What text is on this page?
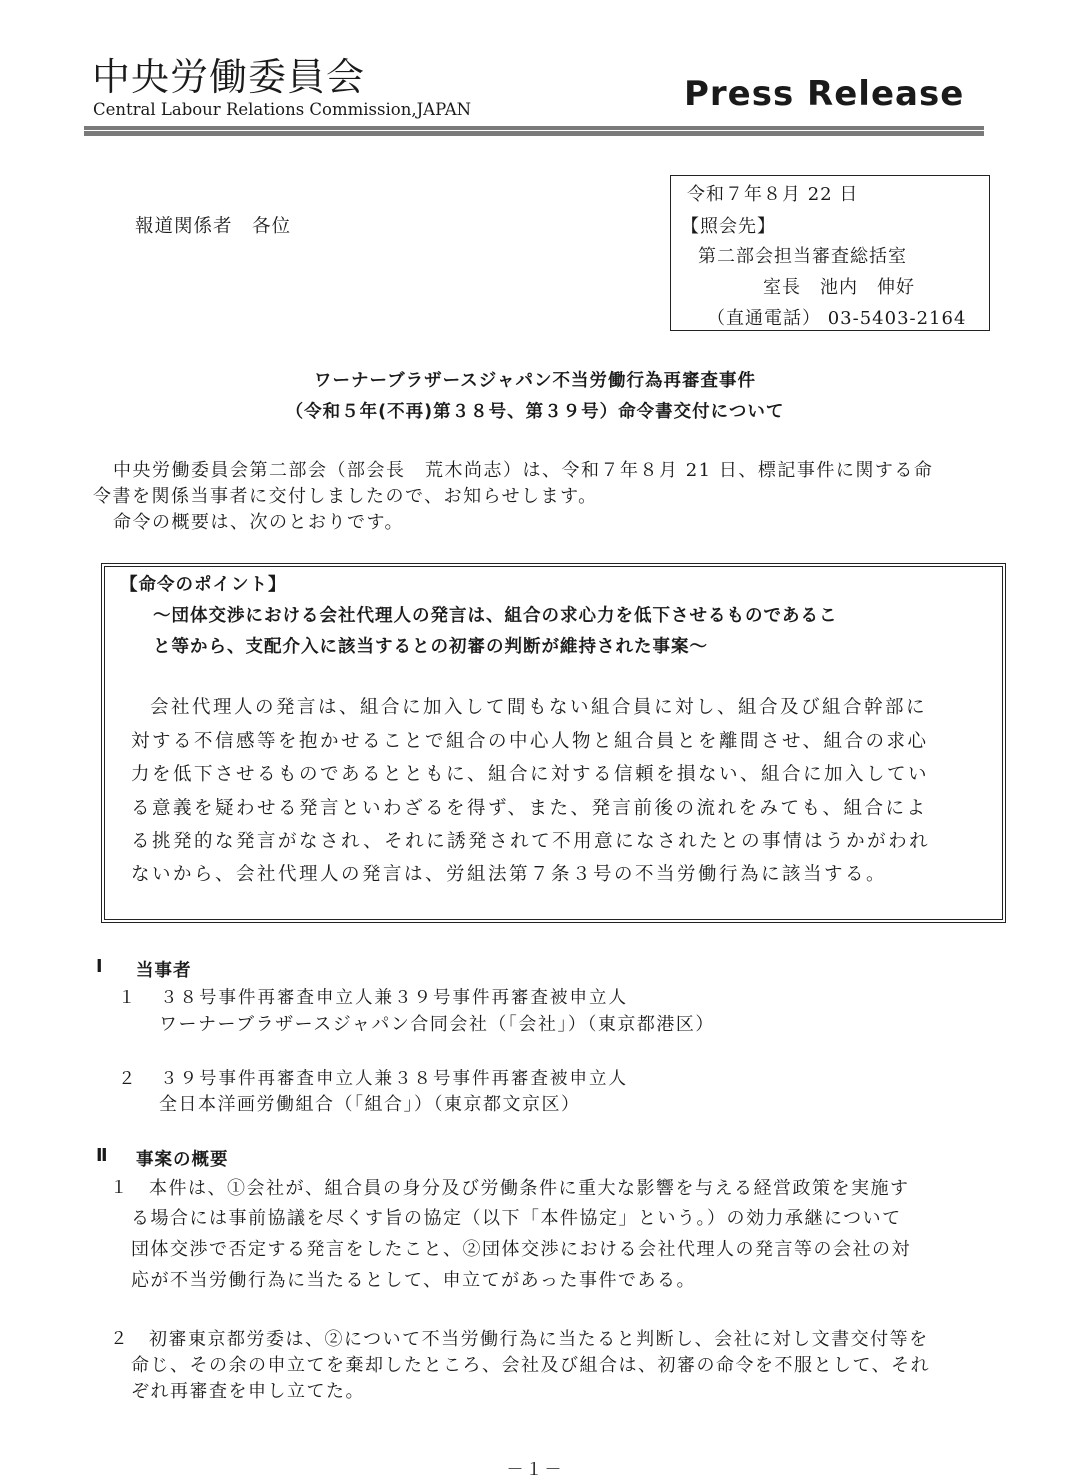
中央労働委員会
Central Labour Relations Commission,JAPAN	Press Release
報道関係者　各位
令和７年８月 22 日
【照会先】
第二部会担当審査総括室
室長　池内　伸好
（直通電話） 03-5403-2164
ワーナーブラザースジャパン不当労働行為再審査事件
（令和５年(不再)第３８号、第３９号）命令書交付について
中央労働委員会第二部会（部会長　荒木尚志）は、令和７年８月 21 日、標記事件に関する命
令書を関係当事者に交付しましたので、お知らせします。
命令の概要は、次のとおりです。
【命令のポイント】
～団体交渉における会社代理人の発言は、組合の求心力を低下させるものであるこ
と等から、支配介入に該当するとの初審の判断が維持された事案～
会社代理人の発言は、組合に加入して間もない組合員に対し、組合及び組合幹部に
対する不信感等を抱かせることで組合の中心人物と組合員とを離間させ、組合の求心
力を低下させるものであるとともに、組合に対する信頼を損ない、組合に加入してい
る意義を疑わせる発言といわざるを得ず、また、発言前後の流れをみても、組合によ
る挑発的な発言がなされ、それに誘発されて不用意になされたとの事情はうかがわれ
ないから、会社代理人の発言は、労組法第７条３号の不当労働行為に該当する。
Ⅰ 当事者
１ ３８号事件再審査申立人兼３９号事件再審査被申立人
ワーナーブラザースジャパン合同会社（「会社」）（東京都港区）
２ ３９号事件再審査申立人兼３８号事件再審査被申立人
全日本洋画労働組合（「組合」）（東京都文京区）
Ⅱ 事案の概要
１ 本件は、①会社が、組合員の身分及び労働条件に重大な影響を与える経営政策を実施す
る場合には事前協議を尽くす旨の協定（以下「本件協定」という。）の効力承継について
団体交渉で否定する発言をしたこと、②団体交渉における会社代理人の発言等の会社の対
応が不当労働行為に当たるとして、申立てがあった事件である。
２ 初審東京都労委は、②について不当労働行為に当たると判断し、会社に対し文書交付等を
命じ、その余の申立てを棄却したところ、会社及び組合は、初審の命令を不服として、それ
ぞれ再審査を申し立てた。
－１－
